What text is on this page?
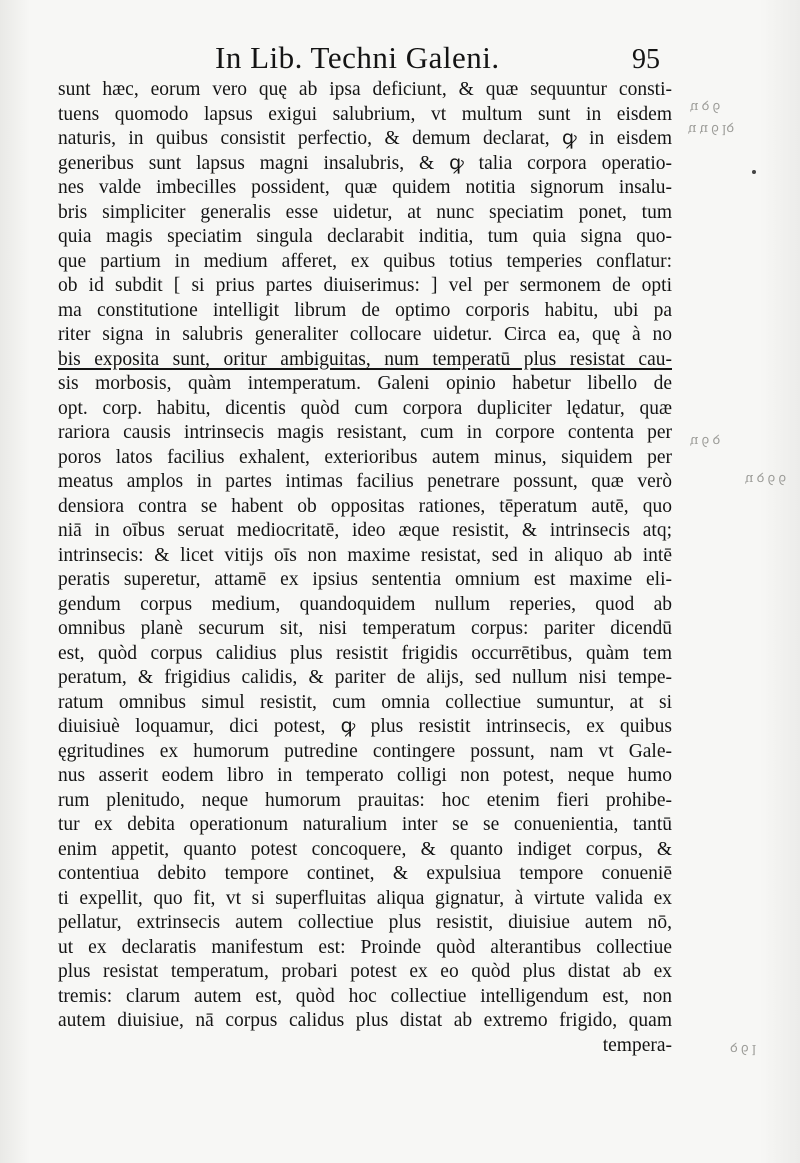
In Lib. Techni Galeni.	95
sunt hæc, eorum vero quę ab ipsa deficiunt, & quæ sequuntur consti-
tuens quomodo lapsus exigui salubrium, vt multum sunt in eisdem
naturis, in quibus consistit perfectio, & demum declarat, ꝙ in eisdem
generibus sunt lapsus magni insalubris, & ꝙ talia corpora operatio-
nes valde imbecilles possident, quæ quidem notitia signorum insalu-
bris simpliciter generalis esse uidetur, at nunc speciatim ponet, tum
quia magis speciatim singula declarabit inditia, tum quia signa quo-
que partium in medium afferet, ex quibus totius temperies conflatur:
ob id subdit [ si prius partes diuiserimus: ] vel per sermonem de opti
ma constitutione intelligit librum de optimo corporis habitu, ubi pa
riter signa in salubris generaliter collocare uidetur. Circa ea, quę à no
bis exposita sunt, oritur ambiguitas, num temperatū plus resistat cau-
sis morbosis, quàm intemperatum. Galeni opinio habetur libello de
opt. corp. habitu, dicentis quòd cum corpora dupliciter lędatur, quæ
rariora causis intrinsecis magis resistant, cum in corpore contenta per
poros latos facilius exhalent, exterioribus autem minus, siquidem per
meatus amplos in partes intimas facilius penetrare possunt, quæ verò
densiora contra se habent ob oppositas rationes, tēperatum autē, quo
niā in oībus seruat mediocritatē, ideo æque resistit, & intrinsecis atq;
intrinsecis: & licet vitijs oīs non maxime resistat, sed in aliquo ab intē
peratis superetur, attamē ex ipsius sententia omnium est maxime eli-
gendum corpus medium, quandoquidem nullum reperies, quod ab
omnibus planè securum sit, nisi temperatum corpus: pariter dicendū
est, quòd corpus calidius plus resistit frigidis occurrētibus, quàm tem
peratum, & frigidius calidis, & pariter de alijs, sed nullum nisi tempe-
ratum omnibus simul resistit, cum omnia collectiue sumuntur, at si
diuisiuè loquamur, dici potest, ꝙ plus resistit intrinsecis, ex quibus
ęgritudines ex humorum putredine contingere possunt, nam vt Gale-
nus asserit eodem libro in temperato colligi non potest, neque humo
rum plenitudo, neque humorum prauitas: hoc etenim fieri prohibe-
tur ex debita operationum naturalium inter se se conuenientia, tantū
enim appetit, quanto potest concoquere, & quanto indiget corpus, &
contentiua debito tempore continet, & expulsiua tempore conueniē
ti expellit, quo fit, vt si superfluitas aliqua gignatur, à virtute valida ex
pellatur, extrinsecis autem collectiue plus resistit, diuisiue autem nō,
ut ex declaratis manifestum est: Proinde quòd alterantibus collectiue
plus resistat temperatum, probari potest ex eo quòd plus distat ab ex
tremis: clarum autem est, quòd hoc collectiue intelligendum est, non
autem diuisiue, nā corpus calidus plus distat ab extremo frigido, quam
tempera-
ꝯ ꝺ ꞑ
ꝺꞁ ꝯ ꞑ ꞑ
ꝺ ꝯ ꞑ
ꝯ ꝯ ꝺ ꞑ
ꞁ ꝯ ꝺ
